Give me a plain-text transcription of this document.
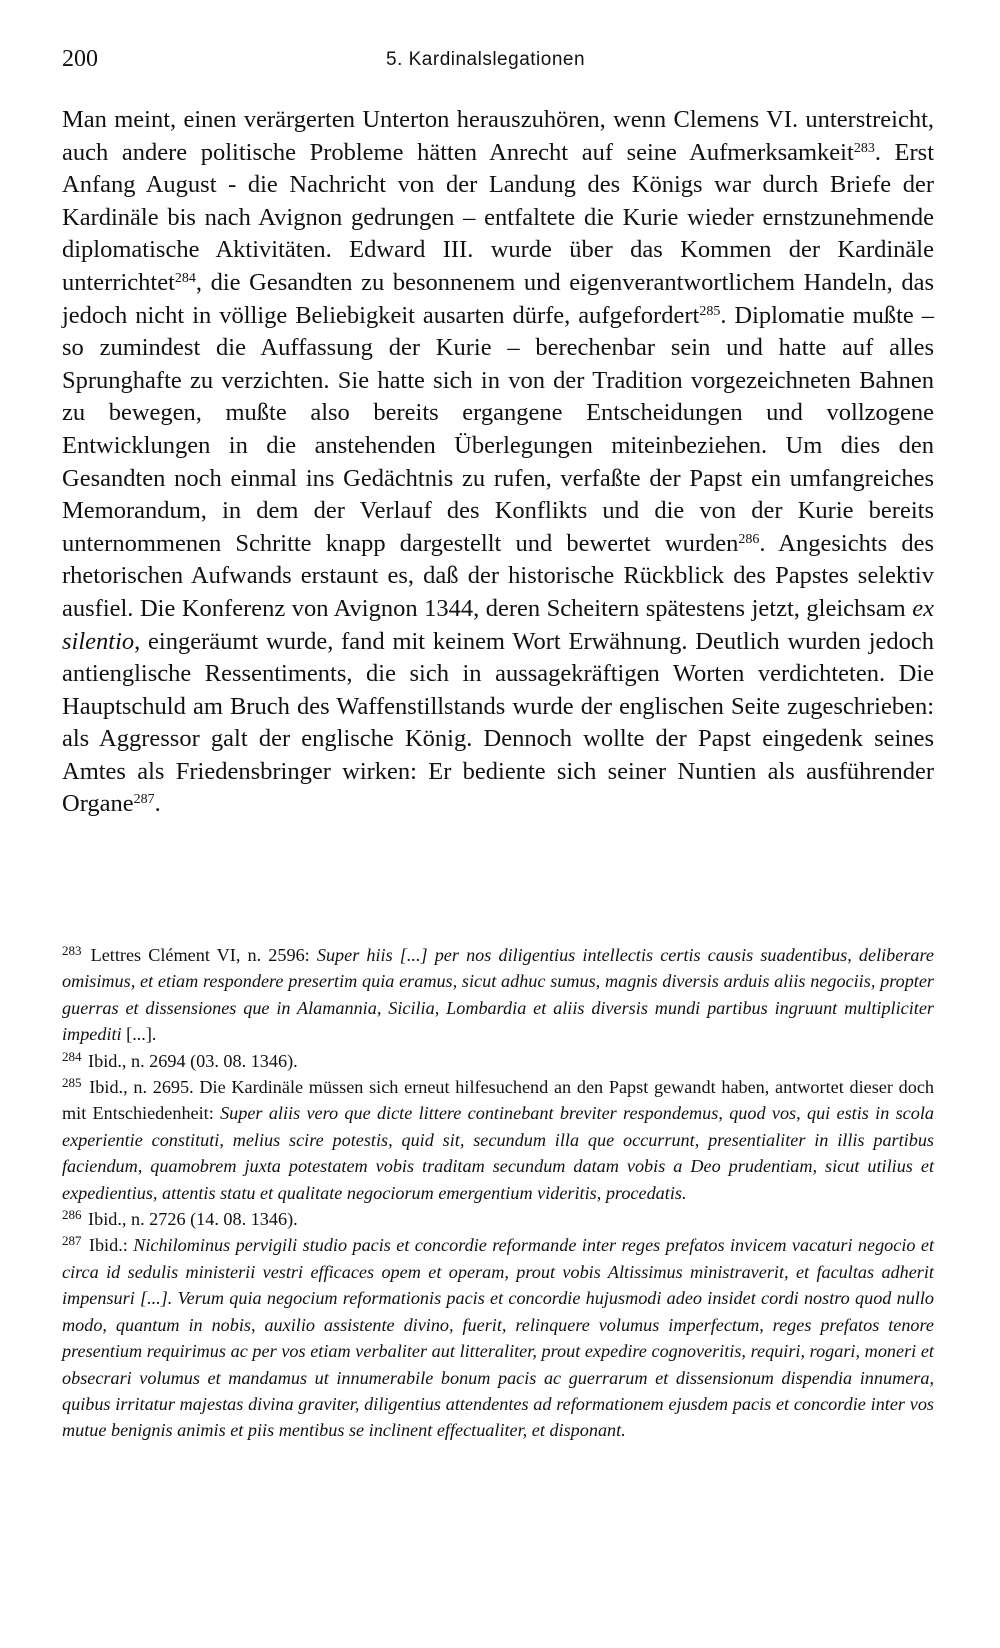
200	5. Kardinalslegationen

Man meint, einen verärgerten Unterton herauszuhören, wenn Clemens VI. unterstreicht, auch andere politische Probleme hätten Anrecht auf seine Aufmerksamkeit$^{283}$. Erst Anfang August - die Nachricht von der Landung des Königs war durch Briefe der Kardinäle bis nach Avignon gedrungen – entfaltete die Kurie wieder ernstzunehmende diplomatische Aktivitäten. Edward III. wurde über das Kommen der Kardinäle unterrichtet$^{284}$, die Gesandten zu besonnenem und eigenverantwortlichem Handeln, das jedoch nicht in völlige Beliebigkeit ausarten dürfe, aufgefordert$^{285}$. Diplomatie mußte – so zumindest die Auffassung der Kurie – berechenbar sein und hatte auf alles Sprunghafte zu verzichten. Sie hatte sich in von der Tradition vorgezeichneten Bahnen zu bewegen, mußte also bereits ergangene Entscheidungen und vollzogene Entwicklungen in die anstehenden Überlegungen miteinbeziehen. Um dies den Gesandten noch einmal ins Gedächtnis zu rufen, verfaßte der Papst ein umfangreiches Memorandum, in dem der Verlauf des Konflikts und die von der Kurie bereits unternommenen Schritte knapp dargestellt und bewertet wurden$^{286}$. Angesichts des rhetorischen Aufwands erstaunt es, daß der historische Rückblick des Papstes selektiv ausfiel. Die Konferenz von Avignon 1344, deren Scheitern spätestens jetzt, gleichsam ex silentio, eingeräumt wurde, fand mit keinem Wort Erwähnung. Deutlich wurden jedoch antienglische Ressentiments, die sich in aussagekräftigen Worten verdichteten. Die Hauptschuld am Bruch des Waffenstillstands wurde der englischen Seite zugeschrieben: als Aggressor galt der englische König. Dennoch wollte der Papst eingedenk seines Amtes als Friedensbringer wirken: Er bediente sich seiner Nuntien als ausführender Organe$^{287}$.

$^{283}$ Lettres Clément VI, n. 2596: Super hiis [...] per nos diligentius intellectis certis causis suadentibus, deliberare omisimus, et etiam respondere presertim quia eramus, sicut adhuc sumus, magnis diversis arduis aliis negociis, propter guerras et dissensiones que in Alamannia, Sicilia, Lombardia et aliis diversis mundi partibus ingruunt multipliciter impediti [...].

$^{284}$ Ibid., n. 2694 (03. 08. 1346).

$^{285}$ Ibid., n. 2695. Die Kardinäle müssen sich erneut hilfesuchend an den Papst gewandt haben, antwortet dieser doch mit Entschiedenheit: Super aliis vero que dicte littere continebant breviter respondemus, quod vos, qui estis in scola experientie constituti, melius scire potestis, quid sit, secundum illa que occurrunt, presentialiter in illis partibus faciendum, quamobrem juxta potestatem vobis traditam secundum datam vobis a Deo prudentiam, sicut utilius et expedientius, attentis statu et qualitate negociorum emergentium videritis, procedatis.

$^{286}$ Ibid., n. 2726 (14. 08. 1346).

$^{287}$ Ibid.: Nichilominus pervigili studio pacis et concordie reformande inter reges prefatos invicem vacaturi negocio et circa id sedulis ministerii vestri efficaces opem et operam, prout vobis Altissimus ministraverit, et facultas adherit impensuri [...]. Verum quia negocium reformationis pacis et concordie hujusmodi adeo insidet cordi nostro quod nullo modo, quantum in nobis, auxilio assistente divino, fuerit, relinquere volumus imperfectum, reges prefatos tenore presentium requirimus ac per vos etiam verbaliter aut litteraliter, prout expedire cognoveritis, requiri, rogari, moneri et obsecrari volumus et mandamus ut innumerabile bonum pacis ac guerrarum et dissensionum dispendia innumera, quibus irritatur majestas divina graviter, diligentius attendentes ad reformationem ejusdem pacis et concordie inter vos mutue benignis animis et piis mentibus se inclinent effectualiter, et disponant.
